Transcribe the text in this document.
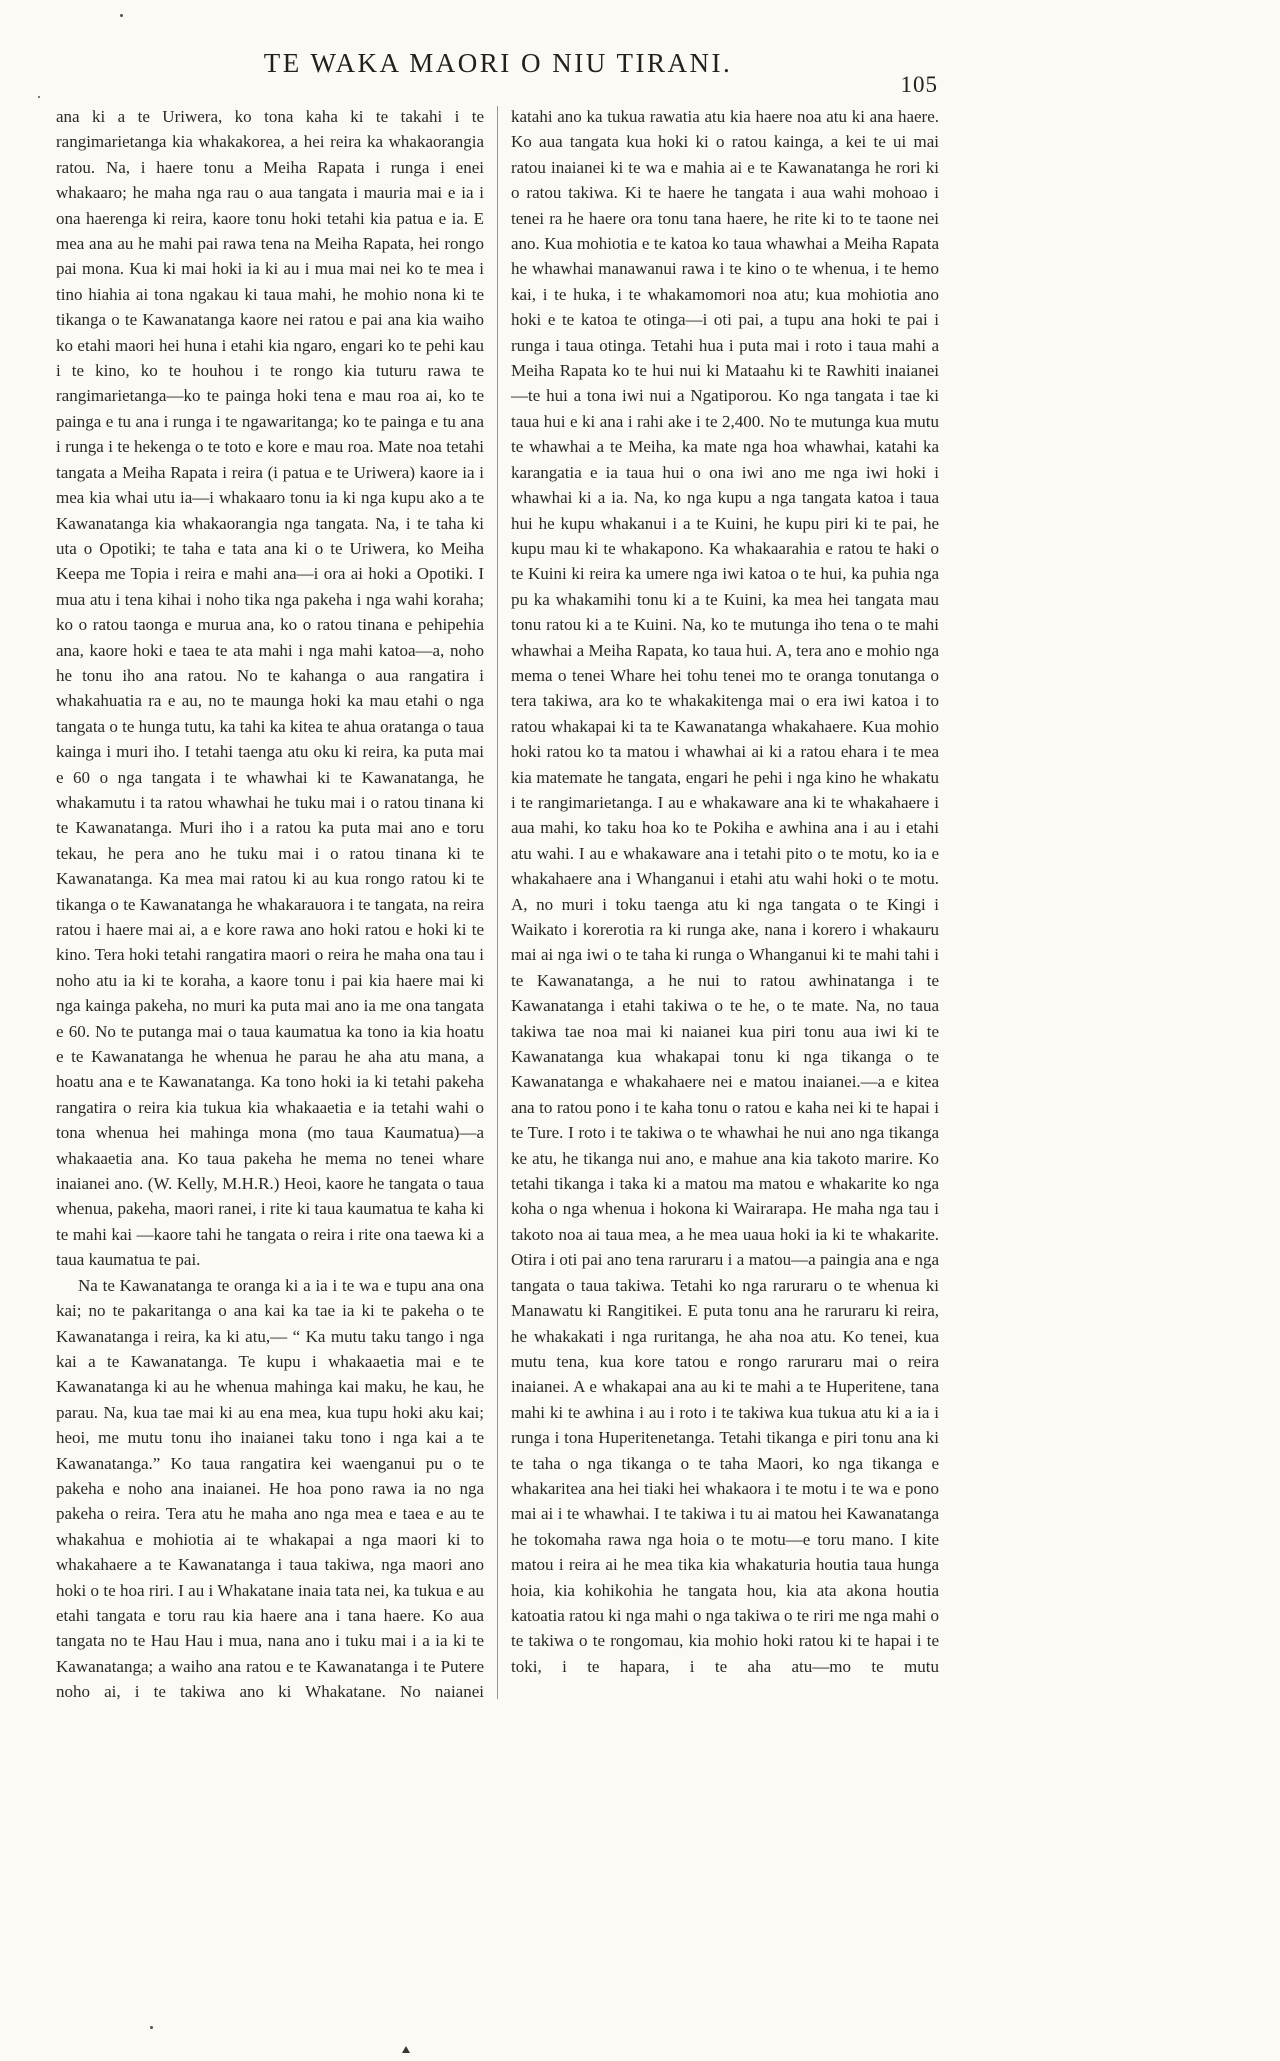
TE WAKA MAORI O NIU TIRANI.
105

ana ki a te Uriwera, ko tona kaha ki te takahi i te rangimarietanga kia whakakorea, a hei reira ka whakaorangia ratou. Na, i haere tonu a Meiha Rapata i runga i enei whakaaro; he maha nga rau o aua tangata i mauria mai e ia i ona haerenga ki reira, kaore tonu hoki tetahi kia patua e ia. E mea ana au he mahi pai rawa tena na Meiha Rapata, hei rongo pai mona. Kua ki mai hoki ia ki au i mua mai nei ko te mea i tino hiahia ai tona ngakau ki taua mahi, he mohio nona ki te tikanga o te Kawanatanga kaore nei ratou e pai ana kia waiho ko etahi maori hei huna i etahi kia ngaro, engari ko te pehi kau i te kino, ko te houhou i te rongo kia tuturu rawa te rangimarietanga—ko te painga hoki tena e mau roa ai, ko te painga e tu ana i runga i te ngawaritanga; ko te painga e tu ana i runga i te hekenga o te toto e kore e mau roa. Mate noa tetahi tangata a Meiha Rapata i reira (i patua e te Uriwera) kaore ia i mea kia whai utu ia—i whakaaro tonu ia ki nga kupu ako a te Kawanatanga kia whakaorangia nga tangata. Na, i te taha ki uta o Opotiki; te taha e tata ana ki o te Uriwera, ko Meiha Keepa me Topia i reira e mahi ana—i ora ai hoki a Opotiki. I mua atu i tena kihai i noho tika nga pakeha i nga wahi koraha; ko o ratou taonga e murua ana, ko o ratou tinana e pehipehia ana, kaore hoki e taea te ata mahi i nga mahi katoa—a, noho he tonu iho ana ratou. No te kahanga o aua rangatira i whakahuatia ra e au, no te maunga hoki ka mau etahi o nga tangata o te hunga tutu, ka tahi ka kitea te ahua oratanga o taua kainga i muri iho. I tetahi taenga atu oku ki reira, ka puta mai e 60 o nga tangata i te whawhai ki te Kawanatanga, he whakamutu i ta ratou whawhai he tuku mai i o ratou tinana ki te Kawanatanga. Muri iho i a ratou ka puta mai ano e toru tekau, he pera ano he tuku mai i o ratou tinana ki te Kawanatanga. Ka mea mai ratou ki au kua rongo ratou ki te tikanga o te Kawanatanga he whakarauora i te tangata, na reira ratou i haere mai ai, a e kore rawa ano hoki ratou e hoki ki te kino. Tera hoki tetahi rangatira maori o reira he maha ona tau i noho atu ia ki te koraha, a kaore tonu i pai kia haere mai ki nga kainga pakeha, no muri ka puta mai ano ia me ona tangata e 60. No te putanga mai o taua kaumatua ka tono ia kia hoatu e te Kawanatanga he whenua he parau he aha atu mana, a hoatu ana e te Kawanatanga. Ka tono hoki ia ki tetahi pakeha rangatira o reira kia tukua kia whakaaetia e ia tetahi wahi o tona whenua hei mahinga mona (mo taua Kaumatua)—a whakaaetia ana. Ko taua pakeha he mema no tenei whare inaianei ano. (W. Kelly, M.H.R.) Heoi, kaore he tangata o taua whenua, pakeha, maori ranei, i rite ki taua kaumatua te kaha ki te mahi kai —kaore tahi he tangata o reira i rite ona taewa ki a taua kaumatua te pai.

Na te Kawanatanga te oranga ki a ia i te wa e tupu ana ona kai; no te pakaritanga o ana kai ka tae ia ki te pakeha o te Kawanatanga i reira, ka ki atu,— “ Ka mutu taku tango i nga kai a te Kawanatanga. Te kupu i whakaaetia mai e te Kawanatanga ki au he whenua mahinga kai maku, he kau, he parau. Na, kua tae mai ki au ena mea, kua tupu hoki aku kai; heoi, me mutu tonu iho inaianei taku tono i nga kai a te Kawanatanga.” Ko taua rangatira kei waenganui pu o te pakeha e noho ana inaianei. He hoa pono rawa ia no nga pakeha o reira. Tera atu he maha ano nga mea e taea e au te whakahua e mohiotia ai te whakapai a nga maori ki to whakahaere a te Kawanatanga i taua takiwa, nga maori ano hoki o te hoa riri. I au i Whakatane inaia tata nei, ka tukua e au etahi tangata e toru rau kia haere ana i tana haere. Ko aua tangata no te Hau Hau i mua, nana ano i tuku mai i a ia ki te Kawanatanga; a waiho ana ratou e te Kawanatanga i te Putere noho ai, i te takiwa ano ki Whakatane. No naianei

katahi ano ka tukua rawatia atu kia haere noa atu ki ana haere. Ko aua tangata kua hoki ki o ratou kainga, a kei te ui mai ratou inaianei ki te wa e mahia ai e te Kawanatanga he rori ki o ratou takiwa. Ki te haere he tangata i aua wahi mohoao i tenei ra he haere ora tonu tana haere, he rite ki to te taone nei ano. Kua mohiotia e te katoa ko taua whawhai a Meiha Rapata he whawhai manawanui rawa i te kino o te whenua, i te hemo kai, i te huka, i te whakamomori noa atu; kua mohiotia ano hoki e te katoa te otinga—i oti pai, a tupu ana hoki te pai i runga i taua otinga. Tetahi hua i puta mai i roto i taua mahi a Meiha Rapata ko te hui nui ki Mataahu ki te Rawhiti inaianei—te hui a tona iwi nui a Ngatiporou. Ko nga tangata i tae ki taua hui e ki ana i rahi ake i te 2,400. No te mutunga kua mutu te whawhai a te Meiha, ka mate nga hoa whawhai, katahi ka karangatia e ia taua hui o ona iwi ano me nga iwi hoki i whawhai ki a ia. Na, ko nga kupu a nga tangata katoa i taua hui he kupu whakanui i a te Kuini, he kupu piri ki te pai, he kupu mau ki te whakapono. Ka whakaarahia e ratou te haki o te Kuini ki reira ka umere nga iwi katoa o te hui, ka puhia nga pu ka whakamihi tonu ki a te Kuini, ka mea hei tangata mau tonu ratou ki a te Kuini. Na, ko te mutunga iho tena o te mahi whawhai a Meiha Rapata, ko taua hui. A, tera ano e mohio nga mema o tenei Whare hei tohu tenei mo te oranga tonutanga o tera takiwa, ara ko te whakakitenga mai o era iwi katoa i to ratou whakapai ki ta te Kawanatanga whakahaere. Kua mohio hoki ratou ko ta matou i whawhai ai ki a ratou ehara i te mea kia matemate he tangata, engari he pehi i nga kino he whakatu i te rangimarietanga. I au e whakaware ana ki te whakahaere i aua mahi, ko taku hoa ko te Pokiha e awhina ana i au i etahi atu wahi. I au e whakaware ana i tetahi pito o te motu, ko ia e whakahaere ana i Whanganui i etahi atu wahi hoki o te motu. A, no muri i toku taenga atu ki nga tangata o te Kingi i Waikato i korerotia ra ki runga ake, nana i korero i whakauru mai ai nga iwi o te taha ki runga o Whanganui ki te mahi tahi i te Kawanatanga, a he nui to ratou awhinatanga i te Kawanatanga i etahi takiwa o te he, o te mate. Na, no taua takiwa tae noa mai ki naianei kua piri tonu aua iwi ki te Kawanatanga kua whakapai tonu ki nga tikanga o te Kawanatanga e whakahaere nei e matou inaianei.—a e kitea ana to ratou pono i te kaha tonu o ratou e kaha nei ki te hapai i te Ture. I roto i te takiwa o te whawhai he nui ano nga tikanga ke atu, he tikanga nui ano, e mahue ana kia takoto marire. Ko tetahi tikanga i taka ki a matou ma matou e whakarite ko nga koha o nga whenua i hokona ki Wairarapa. He maha nga tau i takoto noa ai taua mea, a he mea uaua hoki ia ki te whakarite. Otira i oti pai ano tena raruraru i a matou—a paingia ana e nga tangata o taua takiwa. Tetahi ko nga raruraru o te whenua ki Manawatu ki Rangitikei. E puta tonu ana he raruraru ki reira, he whakakati i nga ruritanga, he aha noa atu. Ko tenei, kua mutu tena, kua kore tatou e rongo raruraru mai o reira inaianei. A e whakapai ana au ki te mahi a te Huperitene, tana mahi ki te awhina i au i roto i te takiwa kua tukua atu ki a ia i runga i tona Huperitenetanga. Tetahi tikanga e piri tonu ana ki te taha o nga tikanga o te taha Maori, ko nga tikanga e whakaritea ana hei tiaki hei whakaora i te motu i te wa e pono mai ai i te whawhai. I te takiwa i tu ai matou hei Kawanatanga he tokomaha rawa nga hoia o te motu—e toru mano. I kite matou i reira ai he mea tika kia whakaturia houtia taua hunga hoia, kia kohikohia he tangata hou, kia ata akona houtia katoatia ratou ki nga mahi o nga takiwa o te riri me nga mahi o te takiwa o te rongomau, kia mohio hoki ratou ki te hapai i te toki, i te hapara, i te aha atu—mo te mutu
